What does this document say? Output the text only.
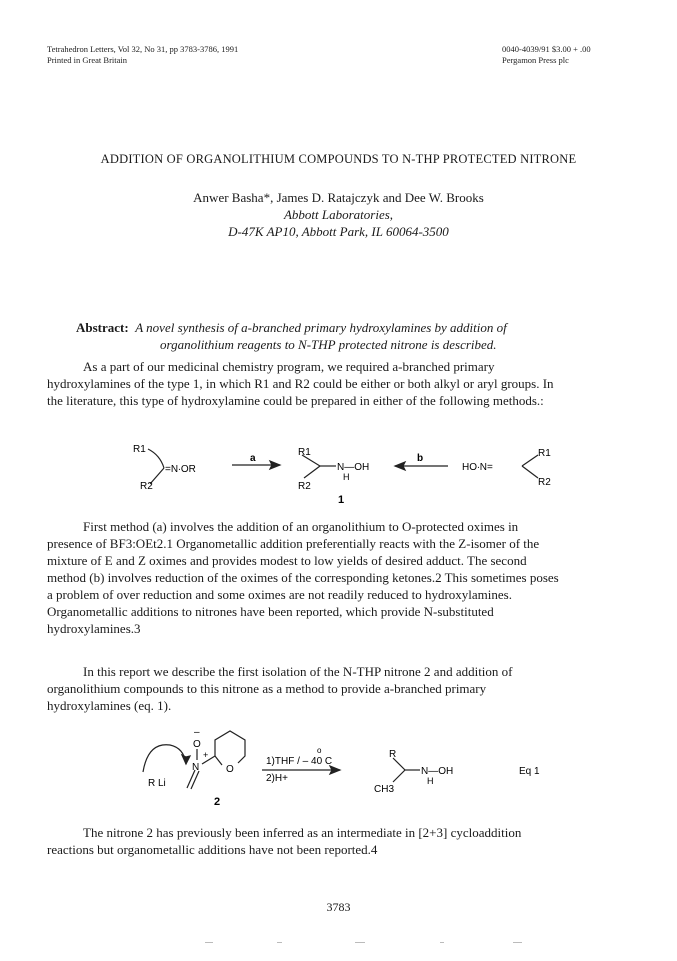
Tetrahedron Letters, Vol 32, No 31, pp 3783-3786, 1991
Printed in Great Britain
0040-4039/91 $3.00 + .00
Pergamon Press plc
ADDITION OF ORGANOLITHIUM COMPOUNDS TO N-THP PROTECTED NITRONE
Anwer Basha*, James D. Ratajczyk and Dee W. Brooks
Abbott Laboratories,
D-47K AP10, Abbott Park, IL 60064-3500
Abstract: A novel synthesis of a-branched primary hydroxylamines by addition of
organolithium reagents to N-THP protected nitrone is described.
As a part of our medicinal chemistry program, we required a-branched primary
hydroxylamines of the type 1, in which R1 and R2 could be either or both alkyl or aryl groups. In
the literature, this type of hydroxylamine could be prepared in either of the following methods.:
R1
R2
=N∙OR
a
R1
R2
N—OH
H
1
b
HO∙N=
R1
R2
First method (a) involves the addition of an organolithium to O-protected oximes in
presence of BF3:OEt2.1 Organometallic addition preferentially reacts with the Z-isomer of the
mixture of E and Z oximes and provides modest to low yields of desired adduct. The second
method (b) involves reduction of the oximes of the corresponding ketones.2 This sometimes poses
a problem of over reduction and some oximes are not readily reduced to hydroxylamines.
Organometallic additions to nitrones have been reported, which provide N-substituted
hydroxylamines.3
In this report we describe the first isolation of the N-THP nitrone 2 and addition of
organolithium compounds to this nitrone as a method to provide a-branched primary
hydroxylamines (eq. 1).
R Li
O
–
N
+
O
2
1)THF / – 40 C
o
2)H+
R
N—OH
H
CH3
Eq 1
The nitrone 2 has previously been inferred as an intermediate in [2+3] cycloaddition
reactions but organometallic additions have not been reported.4
3783
